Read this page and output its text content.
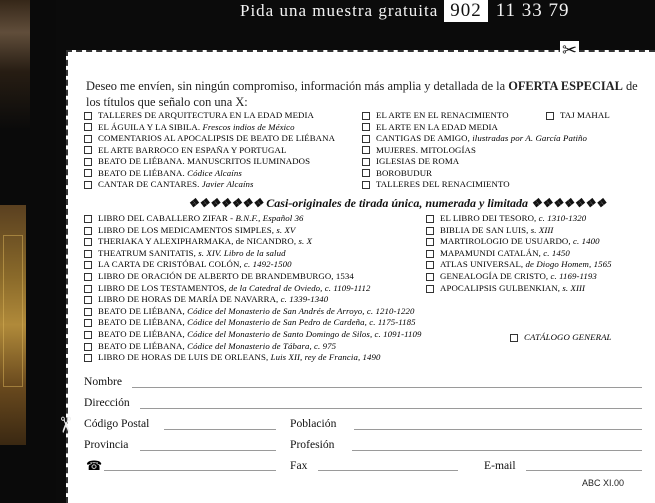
Pida una muestra gratuita 902 11 33 79
Deseo me envíen, sin ningún compromiso, información más amplia y detallada de la OFERTA ESPECIAL de los títulos que señalo con una X:
TALLERES DE ARQUITECTURA EN LA EDAD MEDIA
EL ÁGUILA Y LA SIBILA. Frescos indios de México
COMENTARIOS AL APOCALIPSIS DE BEATO DE LIÉBANA
EL ARTE BARROCO EN ESPAÑA Y PORTUGAL
BEATO DE LIÉBANA. MANUSCRITOS ILUMINADOS
BEATO DE LIÉBANA. Códice Alcaíns
CANTAR DE CANTARES. Javier Alcaíns
EL ARTE EN EL RENACIMIENTO
EL ARTE EN LA EDAD MEDIA
CANTIGAS DE AMIGO, ilustradas por A. García Patiño
MUJERES. MITOLOGÍAS
IGLESIAS DE ROMA
BOROBUDUR
TALLERES DEL RENACIMIENTO
TAJ MAHAL
❖❖❖❖❖❖❖ Casi-originales de tirada única, numerada y limitada ❖❖❖❖❖❖❖
LIBRO DEL CABALLERO ZIFAR - B.N.F., Español 36
LIBRO DE LOS MEDICAMENTOS SIMPLES, s. XV
THERIAKA Y ALEXIPHARMAKA, de NICANDRO, s. X
THEATRUM SANITATIS, s. XIV. Libro de la salud
LA CARTA DE CRISTÓBAL COLÓN, c. 1492-1500
LIBRO DE ORACIÓN DE ALBERTO DE BRANDEMBURGO, 1534
LIBRO DE LOS TESTAMENTOS, de la Catedral de Oviedo, c. 1109-1112
LIBRO DE HORAS DE MARÍA DE NAVARRA, c. 1339-1340
BEATO DE LIÉBANA, Códice del Monasterio de San Andrés de Arroyo, c. 1210-1220
BEATO DE LIÉBANA, Códice del Monasterio de San Pedro de Cardeña, c. 1175-1185
BEATO DE LIÉBANA, Códice del Monasterio de Santo Domingo de Silos, c. 1091-1109
BEATO DE LIÉBANA, Códice del Monasterio de Tábara, c. 975
LIBRO DE HORAS DE LUIS DE ORLEANS, Luis XII, rey de Francia, 1490
EL LIBRO DEI TESORO, c. 1310-1320
BIBLIA DE SAN LUIS, s. XIII
MARTIROLOGIO DE USUARDO, c. 1400
MAPAMUNDI CATALÁN, c. 1450
ATLAS UNIVERSAL, de Diogo Homem, 1565
GENEALOGÍA DE CRISTO, c. 1169-1193
APOCALIPSIS GULBENKIAN, s. XIII
CATÁLOGO GENERAL
Nombre
Dirección
Código Postal	Población
Provincia	Profesión
☎	Fax	E-mail
ABC XI.00
✂
✂
